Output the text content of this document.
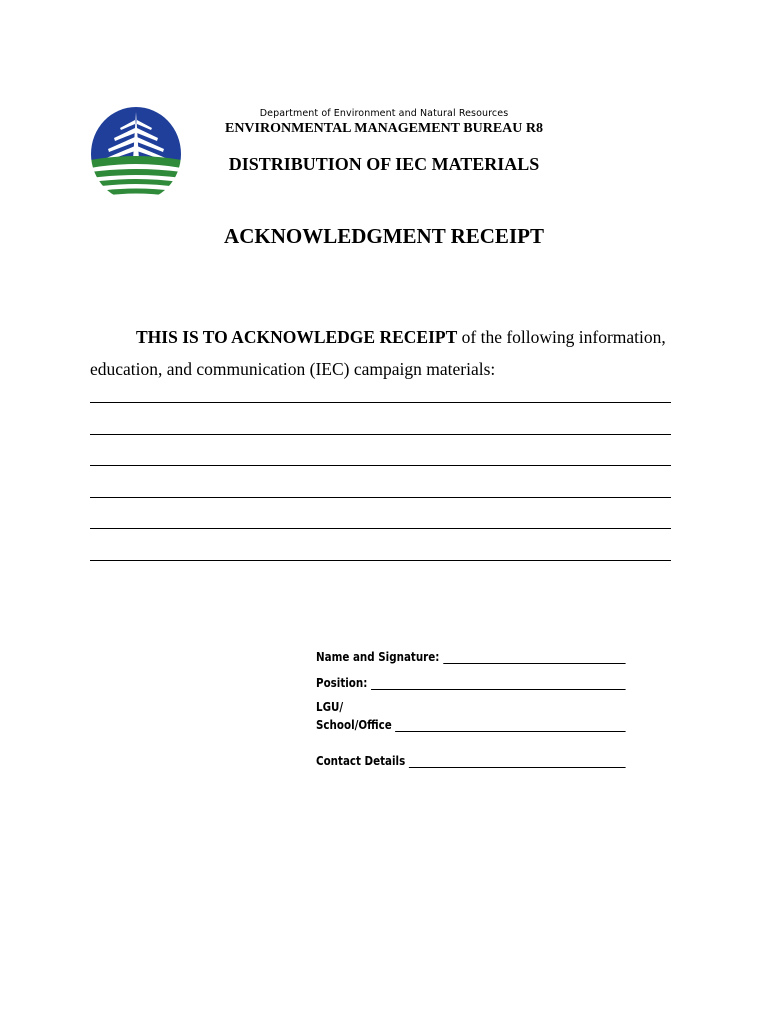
Department of Environment and Natural Resources
ENVIRONMENTAL MANAGEMENT BUREAU R8
DISTRIBUTION OF IEC MATERIALS
ACKNOWLEDGMENT RECEIPT
THIS IS TO ACKNOWLEDGE RECEIPT of the following information, education, and communication (IEC) campaign materials:
Name and Signature:
Position:
LGU/
School/Office
Contact Details
